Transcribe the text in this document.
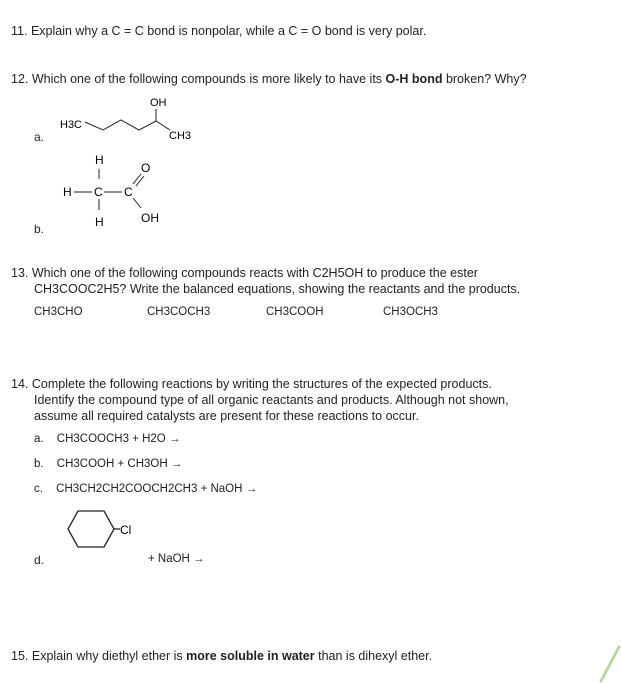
11. Explain why a C = C bond is nonpolar, while a C = O bond is very polar.
12. Which one of the following compounds is more likely to have its O-H bond broken? Why?
a.
OH
H3C
CH3
H
H C C
O
OH
H
b.
13. Which one of the following compounds reacts with C2H5OH to produce the ester
CH3COOC2H5? Write the balanced equations, showing the reactants and the products.
CH3CHO	CH3COCH3	CH3COOH	CH3OCH3
14. Complete the following reactions by writing the structures of the expected products.
Identify the compound type of all organic reactants and products. Although not shown,
assume all required catalysts are present for these reactions to occur.
a. CH3COOCH3 + H2O →
b. CH3COOH + CH3OH →
c. CH3CH2CH2COOCH2CH3 + NaOH →
Cl
d.	+ NaOH →
15. Explain why diethyl ether is more soluble in water than is dihexyl ether.
